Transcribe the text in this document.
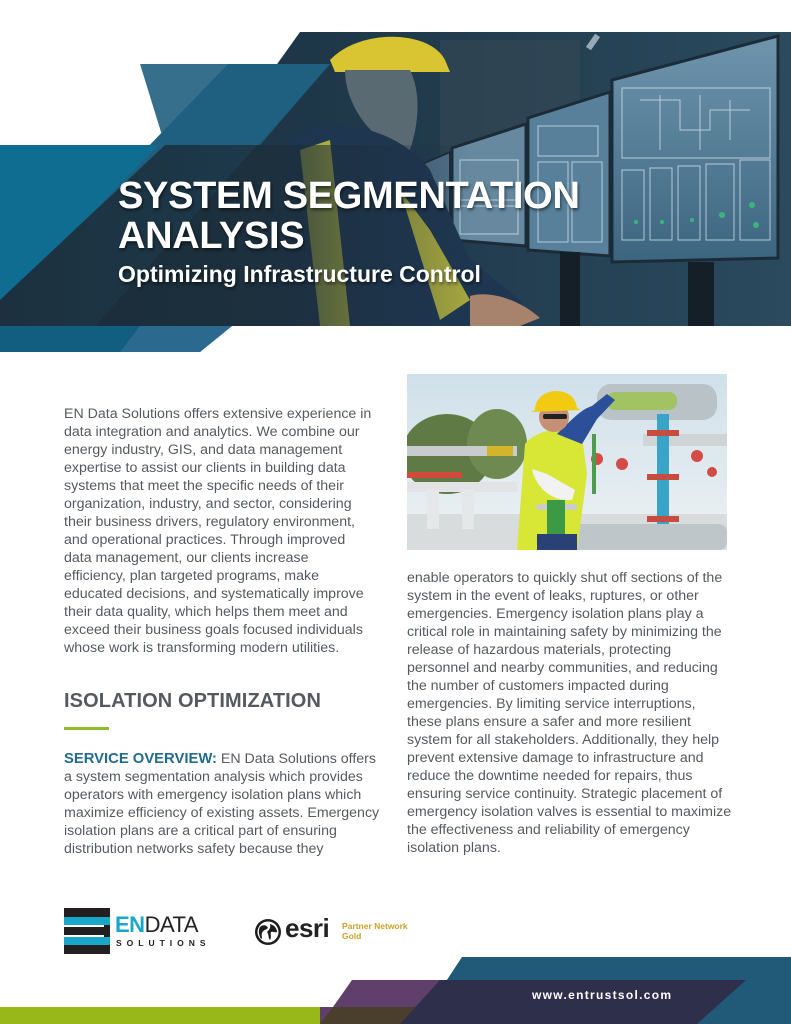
SYSTEM SEGMENTATION
ANALYSIS
Optimizing Infrastructure Control

EN Data Solutions offers extensive experience in data integration and analytics. We combine our energy industry, GIS, and data management expertise to assist our clients in building data systems that meet the specific needs of their organization, industry, and sector, considering their business drivers, regulatory environment, and operational practices. Through improved data management, our clients increase efficiency, plan targeted programs, make educated decisions, and systematically improve their data quality, which helps them meet and exceed their business goals focused individuals whose work is transforming modern utilities.

ISOLATION OPTIMIZATION

SERVICE OVERVIEW: EN Data Solutions offers a system segmentation analysis which provides operators with emergency isolation plans which maximize efficiency of existing assets. Emergency isolation plans are a critical part of ensuring distribution networks safety because they

enable operators to quickly shut off sections of the system in the event of leaks, ruptures, or other emergencies. Emergency isolation plans play a critical role in maintaining safety by minimizing the release of hazardous materials, protecting personnel and nearby communities, and reducing the number of customers impacted during emergencies. By limiting service interruptions, these plans ensure a safer and more resilient system for all stakeholders. Additionally, they help prevent extensive damage to infrastructure and reduce the downtime needed for repairs, thus ensuring service continuity. Strategic placement of emergency isolation valves is essential to maximize the effectiveness and reliability of emergency isolation plans.

ENDATA
SOLUTIONS	esri Partner Network
Gold
www.entrustsol.com
